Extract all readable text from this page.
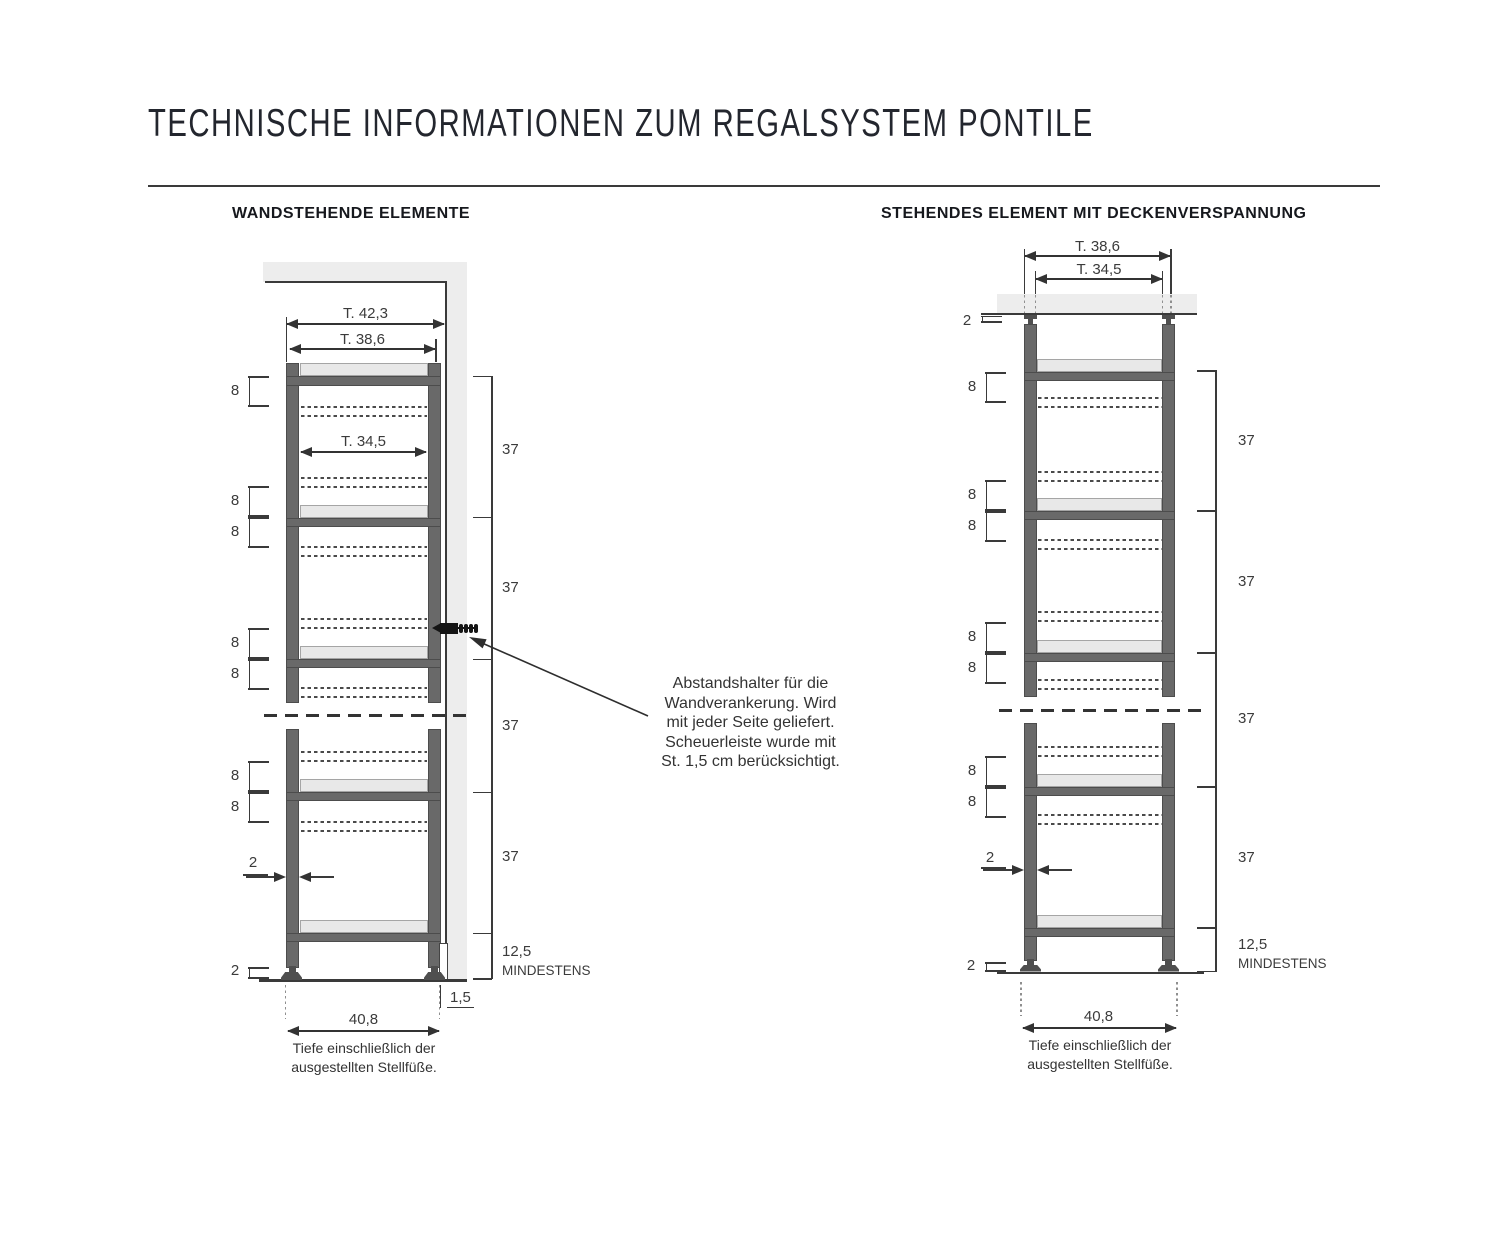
TECHNISCHE INFORMATIONEN ZUM REGALSYSTEM PONTILE
WANDSTEHENDE ELEMENTE	STEHENDES ELEMENT MIT DECKENVERSPANNUNG
T. 42,3
T. 38,6
T. 34,5
8
8
8
8
8
8
8
2
2
37
37
37
37
12,5
MINDESTENS
Abstandshalter für die
Wandverankerung. Wird
mit jeder Seite geliefert.
Scheuerleiste wurde mit
St. 1,5 cm berücksichtigt.
1,5
40,8
Tiefe einschließlich der
ausgestellten Stellfüße.
T. 38,6
T. 34,5
2
8
8
8
8
8
8
8
2
2
37
37
37
37
12,5
MINDESTENS
40,8
Tiefe einschließlich der
ausgestellten Stellfüße.
